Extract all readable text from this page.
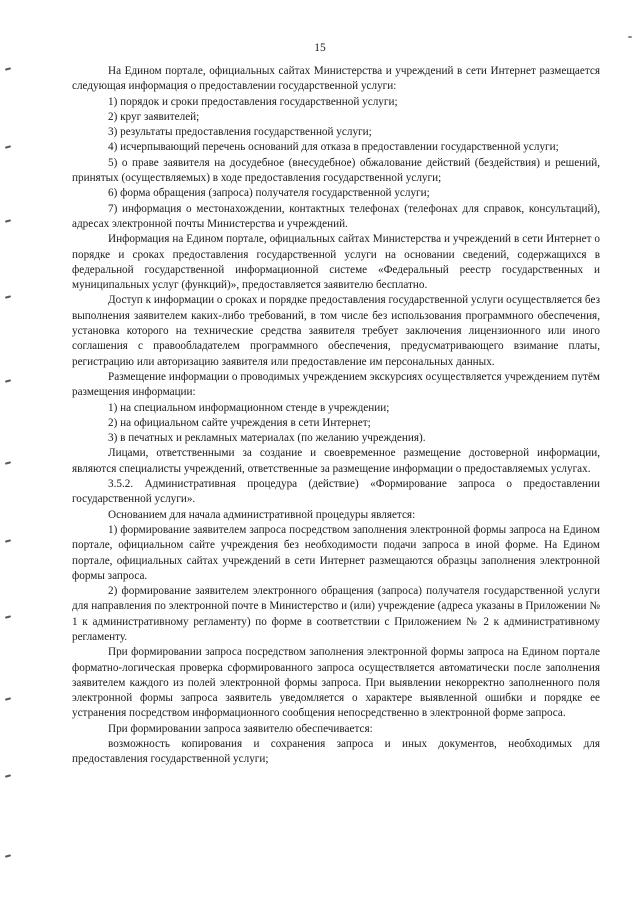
15

На Едином портале, официальных сайтах Министерства и учреждений в сети Интернет размещается следующая информация о предоставлении государственной услуги:

1) порядок и сроки предоставления государственной услуги;

2) круг заявителей;

3) результаты предоставления государственной услуги;

4) исчерпывающий перечень оснований для отказа в предоставлении государственной услуги;

5) о праве заявителя на досудебное (внесудебное) обжалование действий (бездействия) и решений, принятых (осуществляемых) в ходе предоставления государственной услуги;

6) форма обращения (запроса) получателя государственной услуги;

7) информация о местонахождении, контактных телефонах (телефонах для справок, консультаций), адресах электронной почты Министерства и учреждений.

Информация на Едином портале, официальных сайтах Министерства и учреждений в сети Интернет о порядке и сроках предоставления государственной услуги на основании сведений, содержащихся в федеральной государственной информационной системе «Федеральный реестр государственных и муниципальных услуг (функций)», предоставляется заявителю бесплатно.

Доступ к информации о сроках и порядке предоставления государственной услуги осуществляется без выполнения заявителем каких-либо требований, в том числе без использования программного обеспечения, установка которого на технические средства заявителя требует заключения лицензионного или иного соглашения с правообладателем программного обеспечения, предусматривающего взимание платы, регистрацию или авторизацию заявителя или предоставление им персональных данных.

Размещение информации о проводимых учреждением экскурсиях осуществляется учреждением путём размещения информации:

1) на специальном информационном стенде в учреждении;

2) на официальном сайте учреждения в сети Интернет;

3) в печатных и рекламных материалах (по желанию учреждения).

Лицами, ответственными за создание и своевременное размещение достоверной информации, являются специалисты учреждений, ответственные за размещение информации о предоставляемых услугах.

3.5.2. Административная процедура (действие) «Формирование запроса о предоставлении государственной услуги».

Основанием для начала административной процедуры является:

1) формирование заявителем запроса посредством заполнения электронной формы запроса на Едином портале, официальном сайте учреждения без необходимости подачи запроса в иной форме. На Едином портале, официальных сайтах учреждений в сети Интернет размещаются образцы заполнения электронной формы запроса.

2) формирование заявителем электронного обращения (запроса) получателя государственной услуги для направления по электронной почте в Министерство и (или) учреждение (адреса указаны в Приложении № 1 к административному регламенту) по форме в соответствии с Приложением № 2 к административному регламенту.

При формировании запроса посредством заполнения электронной формы запроса на Едином портале форматно-логическая проверка сформированного запроса осуществляется автоматически после заполнения заявителем каждого из полей электронной формы запроса. При выявлении некорректно заполненного поля электронной формы запроса заявитель уведомляется о характере выявленной ошибки и порядке ее устранения посредством информационного сообщения непосредственно в электронной форме запроса.

При формировании запроса заявителю обеспечивается:

возможность копирования и сохранения запроса и иных документов, необходимых для предоставления государственной услуги;
